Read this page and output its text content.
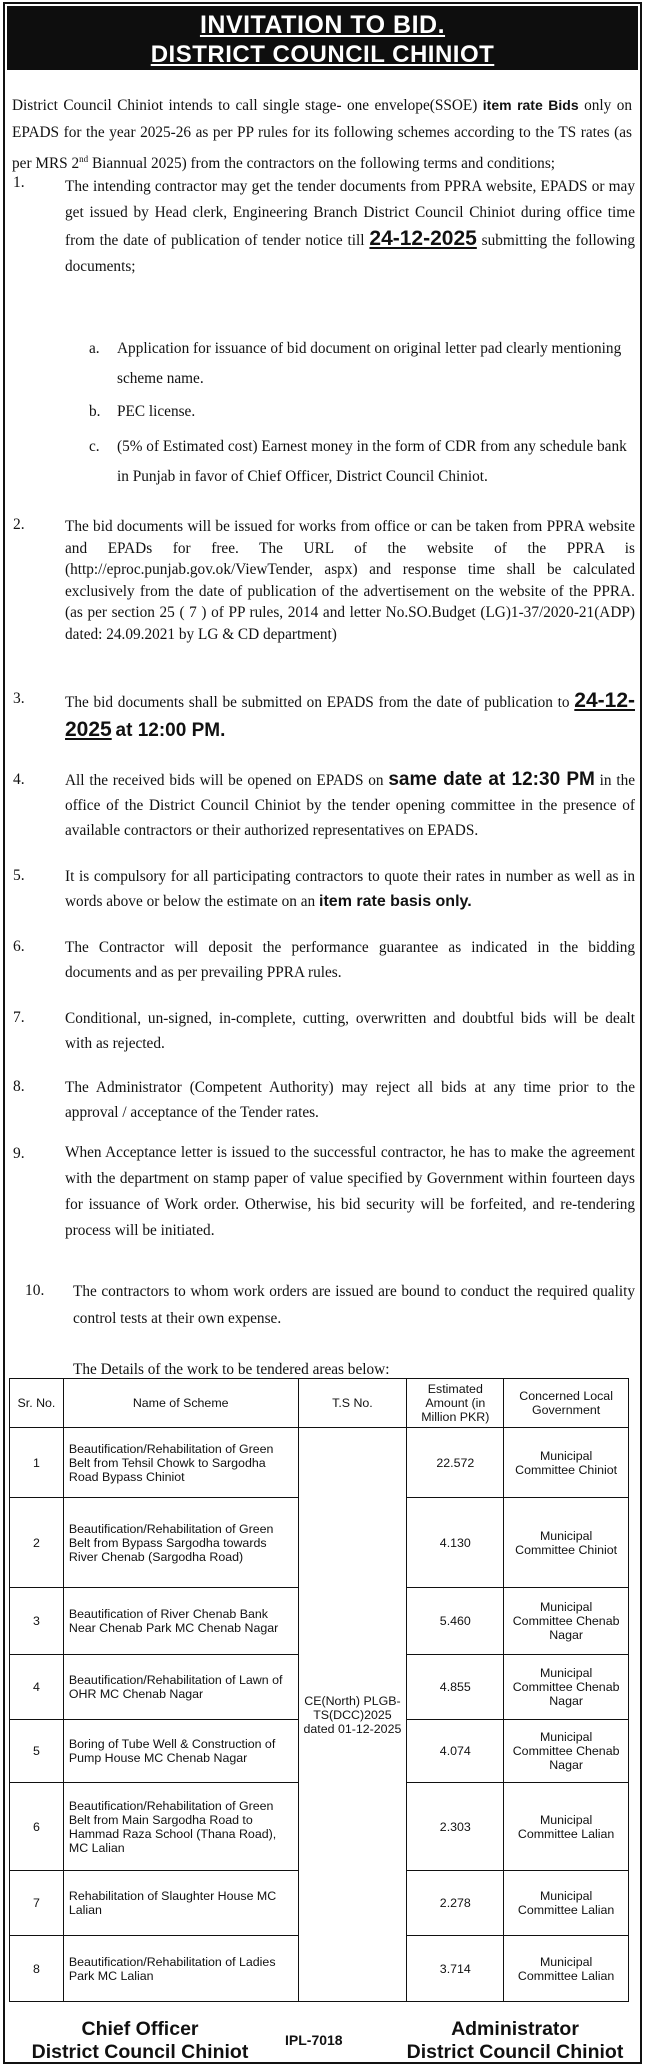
INVITATION TO BID.
DISTRICT COUNCIL CHINIOT

District Council Chiniot intends to call single stage- one envelope(SSOE) item rate Bids only on EPADS for the year 2025-26 as per PP rules for its following schemes according to the TS rates (as per MRS 2nd Biannual 2025) from the contractors on the following terms and conditions;

1.	The intending contractor may get the tender documents from PPRA website, EPADS or may get issued by Head clerk, Engineering Branch District Council Chiniot during office time from the date of publication of tender notice till 24-12-2025 submitting the following documents;

a. Application for issuance of bid document on original letter pad clearly mentioning scheme name.
b. PEC license.
c. (5% of Estimated cost) Earnest money in the form of CDR from any schedule bank in Punjab in favor of Chief Officer, District Council Chiniot.
2.	The bid documents will be issued for works from office or can be taken from PPRA website and EPADs for free. The URL of the website of the PPRA is (http://eproc.punjab.gov.ok/ViewTender, aspx) and response time shall be calculated exclusively from the date of publication of the advertisement on the website of the PPRA. (as per section 25 ( 7 ) of PP rules, 2014 and letter No.SO.Budget (LG)1-37/2020-21(ADP) dated: 24.09.2021 by LG & CD department)

3.	The bid documents shall be submitted on EPADS from the date of publication to 24-12-2025 at 12:00 PM.

4.	All the received bids will be opened on EPADS on same date at 12:30 PM in the office of the District Council Chiniot by the tender opening committee in the presence of available contractors or their authorized representatives on EPADS.

5.	It is compulsory for all participating contractors to quote their rates in number as well as in words above or below the estimate on an item rate basis only.

6.	The Contractor will deposit the performance guarantee as indicated in the bidding documents and as per prevailing PPRA rules.

7.	Conditional, un-signed, in-complete, cutting, overwritten and doubtful bids will be dealt with as rejected.

8.	The Administrator (Competent Authority) may reject all bids at any time prior to the approval / acceptance of the Tender rates.

9.	When Acceptance letter is issued to the successful contractor, he has to make the agreement with the department on stamp paper of value specified by Government within fourteen days for issuance of Work order. Otherwise, his bid security will be forfeited, and re-tendering process will be initiated.

10. The contractors to whom work orders are issued are bound to conduct the required quality control tests at their own expense.

The Details of the work to be tendered areas below:

Sr. No.	Name of Scheme	T.S No.	Estimated Amount (in Million PKR)	Concerned Local Government
1	Beautification/Rehabilitation of Green Belt from Tehsil Chowk to Sargodha Road Bypass Chiniot	CE(North) PLGB-TS(DCC)2025 dated 01-12-2025	22.572	Municipal Committee Chiniot
2	Beautification/Rehabilitation of Green Belt from Bypass Sargodha towards River Chenab (Sargodha Road)		4.130	Municipal Committee Chiniot
3	Beautification of River Chenab Bank Near Chenab Park MC Chenab Nagar		5.460	Municipal Committee Chenab Nagar
4	Beautification/Rehabilitation of Lawn of OHR MC Chenab Nagar		4.855	Municipal Committee Chenab Nagar
5	Boring of Tube Well & Construction of Pump House MC Chenab Nagar		4.074	Municipal Committee Chenab Nagar
6	Beautification/Rehabilitation of Green Belt from Main Sargodha Road to Hammad Raza School (Thana Road), MC Lalian		2.303	Municipal Committee Lalian
7	Rehabilitation of Slaughter House MC Lalian		2.278	Municipal Committee Lalian
8	Beautification/Rehabilitation of Ladies Park MC Lalian		3.714	Municipal Committee Lalian
Chief Officer
District Council Chiniot
IPL-7018	Administrator
District Council Chiniot
